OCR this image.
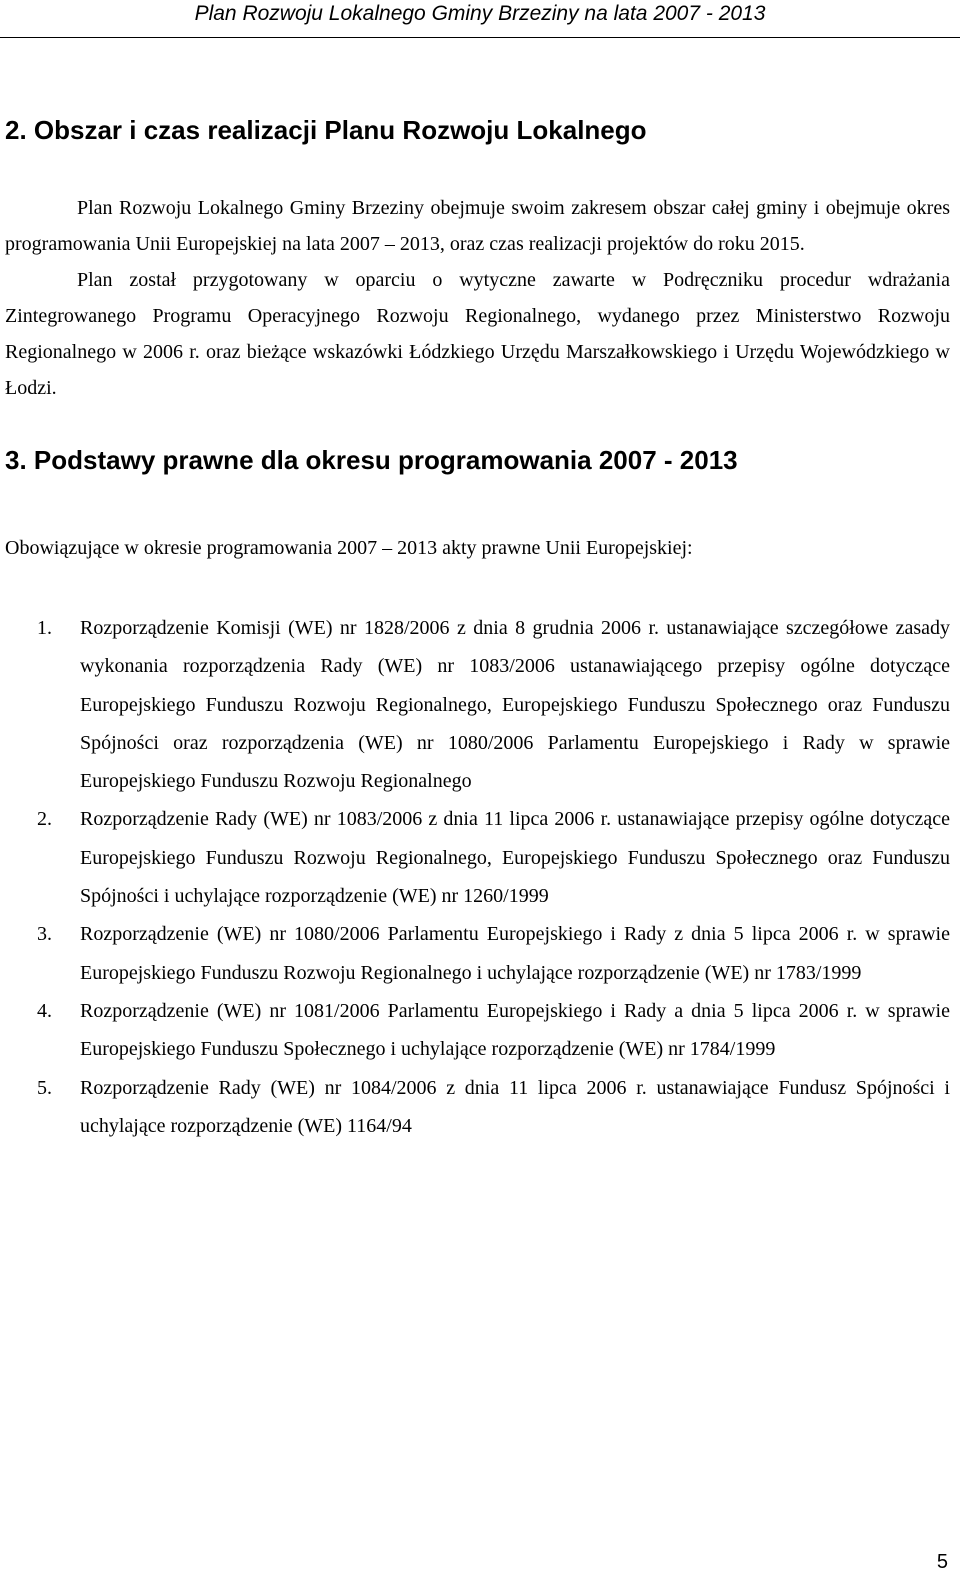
Plan Rozwoju Lokalnego Gminy Brzeziny na lata 2007 - 2013
2. Obszar i czas realizacji Planu Rozwoju Lokalnego

Plan Rozwoju Lokalnego Gminy Brzeziny obejmuje swoim zakresem obszar całej gminy i obejmuje okres programowania Unii Europejskiej na lata 2007 – 2013, oraz czas realizacji projektów do roku 2015.

Plan został przygotowany w oparciu o wytyczne zawarte w Podręczniku procedur wdrażania Zintegrowanego Programu Operacyjnego Rozwoju Regionalnego, wydanego przez Ministerstwo Rozwoju Regionalnego w 2006 r. oraz bieżące wskazówki Łódzkiego Urzędu Marszałkowskiego i Urzędu Wojewódzkiego w Łodzi.

3. Podstawy prawne dla okresu programowania 2007 - 2013

Obowiązujące w okresie programowania 2007 – 2013 akty prawne Unii Europejskiej:

1. Rozporządzenie Komisji (WE) nr 1828/2006 z dnia 8 grudnia 2006 r. ustanawiające szczegółowe zasady wykonania rozporządzenia Rady (WE) nr 1083/2006 ustanawiającego przepisy ogólne dotyczące Europejskiego Funduszu Rozwoju Regionalnego, Europejskiego Funduszu Społecznego oraz Funduszu Spójności oraz rozporządzenia (WE) nr 1080/2006 Parlamentu Europejskiego i Rady w sprawie Europejskiego Funduszu Rozwoju Regionalnego
2. Rozporządzenie Rady (WE) nr 1083/2006 z dnia 11 lipca 2006 r. ustanawiające przepisy ogólne dotyczące Europejskiego Funduszu Rozwoju Regionalnego, Europejskiego Funduszu Społecznego oraz Funduszu Spójności i uchylające rozporządzenie (WE) nr 1260/1999
3. Rozporządzenie (WE) nr 1080/2006 Parlamentu Europejskiego i Rady z dnia 5 lipca 2006 r. w sprawie Europejskiego Funduszu Rozwoju Regionalnego i uchylające rozporządzenie (WE) nr 1783/1999
4. Rozporządzenie (WE) nr 1081/2006 Parlamentu Europejskiego i Rady a dnia 5 lipca 2006 r. w sprawie Europejskiego Funduszu Społecznego i uchylające rozporządzenie (WE) nr 1784/1999
5. Rozporządzenie Rady (WE) nr 1084/2006 z dnia 11 lipca 2006 r. ustanawiające Fundusz Spójności i uchylające rozporządzenie (WE) 1164/94
5
